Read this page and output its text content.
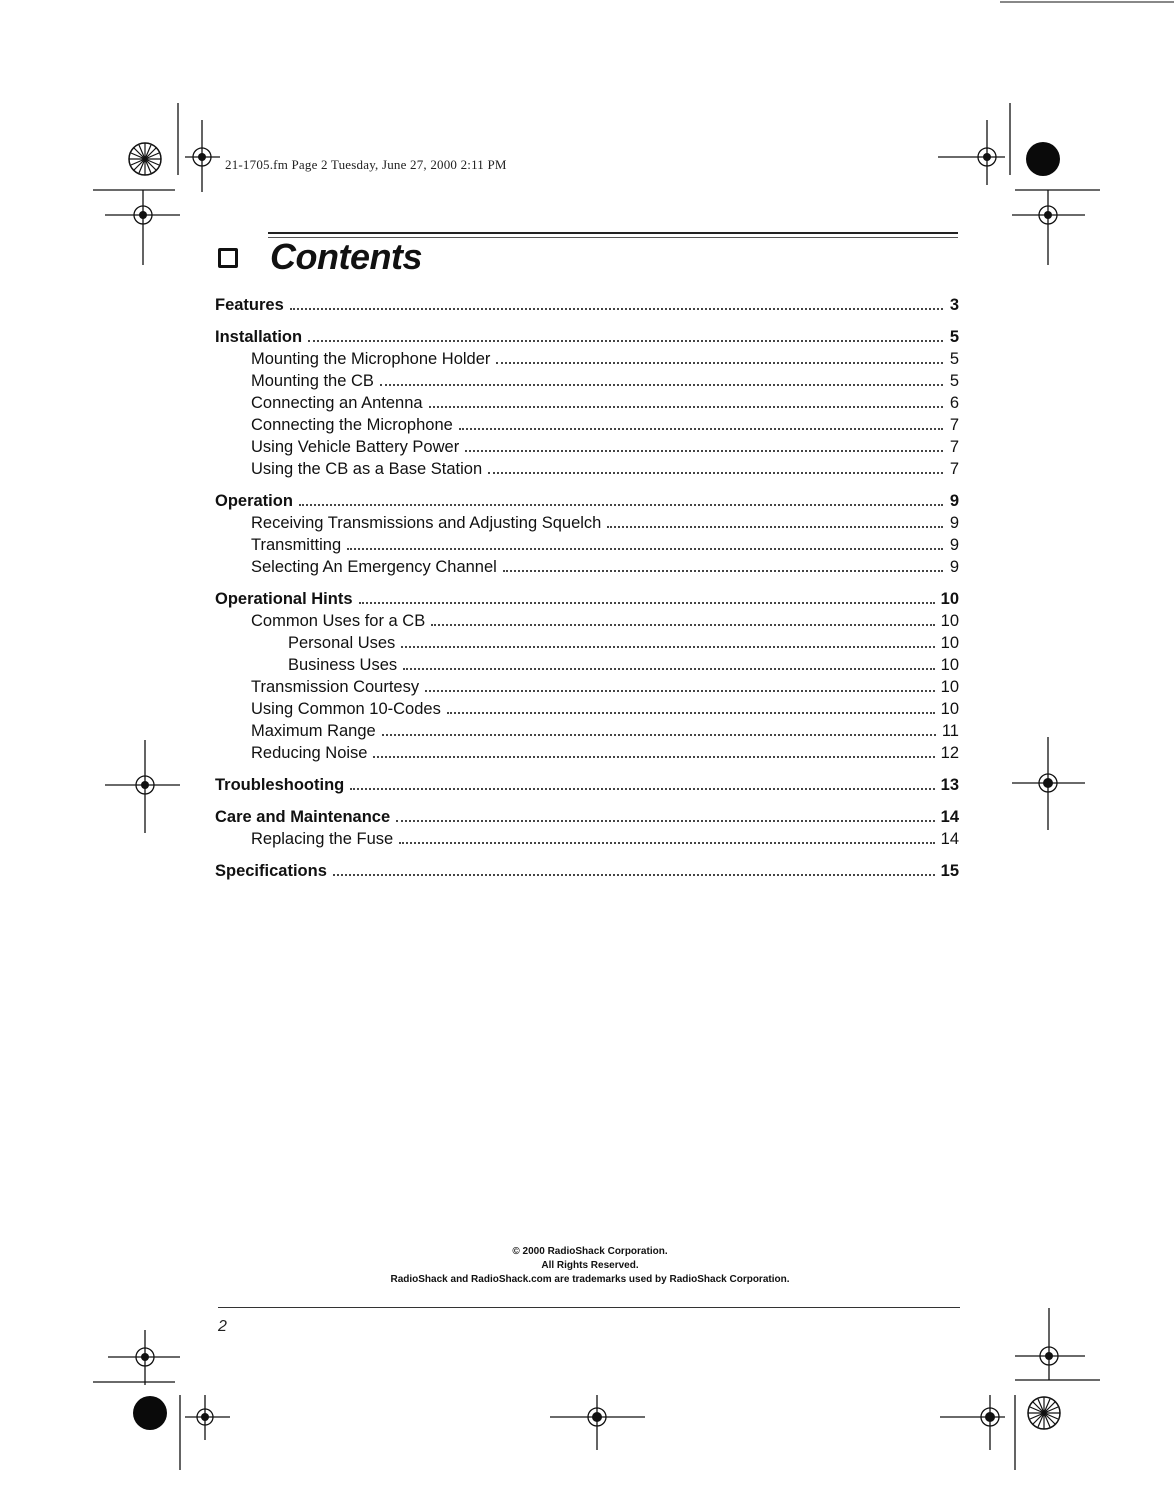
21-1705.fm Page 2 Tuesday, June 27, 2000 2:11 PM
Contents
Features	3
Installation	5
Mounting the Microphone Holder	5
Mounting the CB	5
Connecting an Antenna	6
Connecting the Microphone	7
Using Vehicle Battery Power	7
Using the CB as a Base Station	7
Operation	9
Receiving Transmissions and Adjusting Squelch	9
Transmitting	9
Selecting An Emergency Channel	9
Operational Hints	10
Common Uses for a CB	10
Personal Uses	10
Business Uses	10
Transmission Courtesy	10
Using Common 10-Codes	10
Maximum Range	11
Reducing Noise	12
Troubleshooting	13
Care and Maintenance	14
Replacing the Fuse	14
Specifications	15
© 2000 RadioShack Corporation.
All Rights Reserved.
RadioShack and RadioShack.com are trademarks used by RadioShack Corporation.
2
